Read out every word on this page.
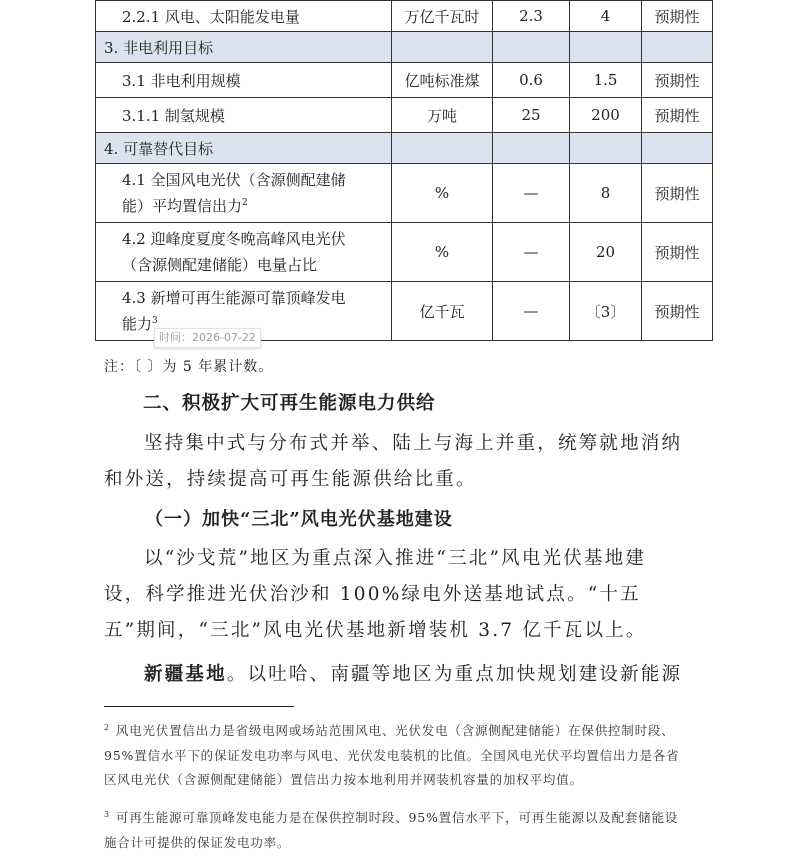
2.2.1 风电、太阳能发电量	万亿千瓦时	2.3	4	预期性
3. 非电利用目标				
3.1 非电利用规模	亿吨标准煤	0.6	1.5	预期性
3.1.1 制氢规模	万吨	25	200	预期性
4. 可靠替代目标				

4.1 全国风电光伏（含源侧配建储
能）平均置信出力$^2$	%	—	8	预期性

4.2 迎峰度夏度冬晚高峰风电光伏
（含源侧配建储能）电量占比	%	—	20	预期性

4.3 新增可再生能源可靠顶峰发电
能力$^3$	亿千瓦	—	〔3〕	预期性
时间：2026-07-22
注：〔 〕为 5 年累计数。
二、积极扩大可再生能源电力供给
坚持集中式与分布式并举、陆上与海上并重，统筹就地消纳和外送，持续提高可再生能源供给比重。
（一）加快“三北”风电光伏基地建设
以“沙戈荒”地区为重点深入推进“三北”风电光伏基地建设，科学推进光伏治沙和 100%绿电外送基地试点。“十五五”期间，“三北”风电光伏基地新增装机 3.7 亿千瓦以上。
新疆基地。以吐哈、南疆等地区为重点加快规划建设新能源
$^2$ 风电光伏置信出力是省级电网或场站范围风电、光伏发电（含源侧配建储能）在保供控制时段、95%置信水平下的保证发电功率与风电、光伏发电装机的比值。全国风电光伏平均置信出力是各省区风电光伏（含源侧配建储能）置信出力按本地利用并网装机容量的加权平均值。
$^3$ 可再生能源可靠顶峰发电能力是在保供控制时段、95%置信水平下，可再生能源以及配套储能设施合计可提供的保证发电功率。
